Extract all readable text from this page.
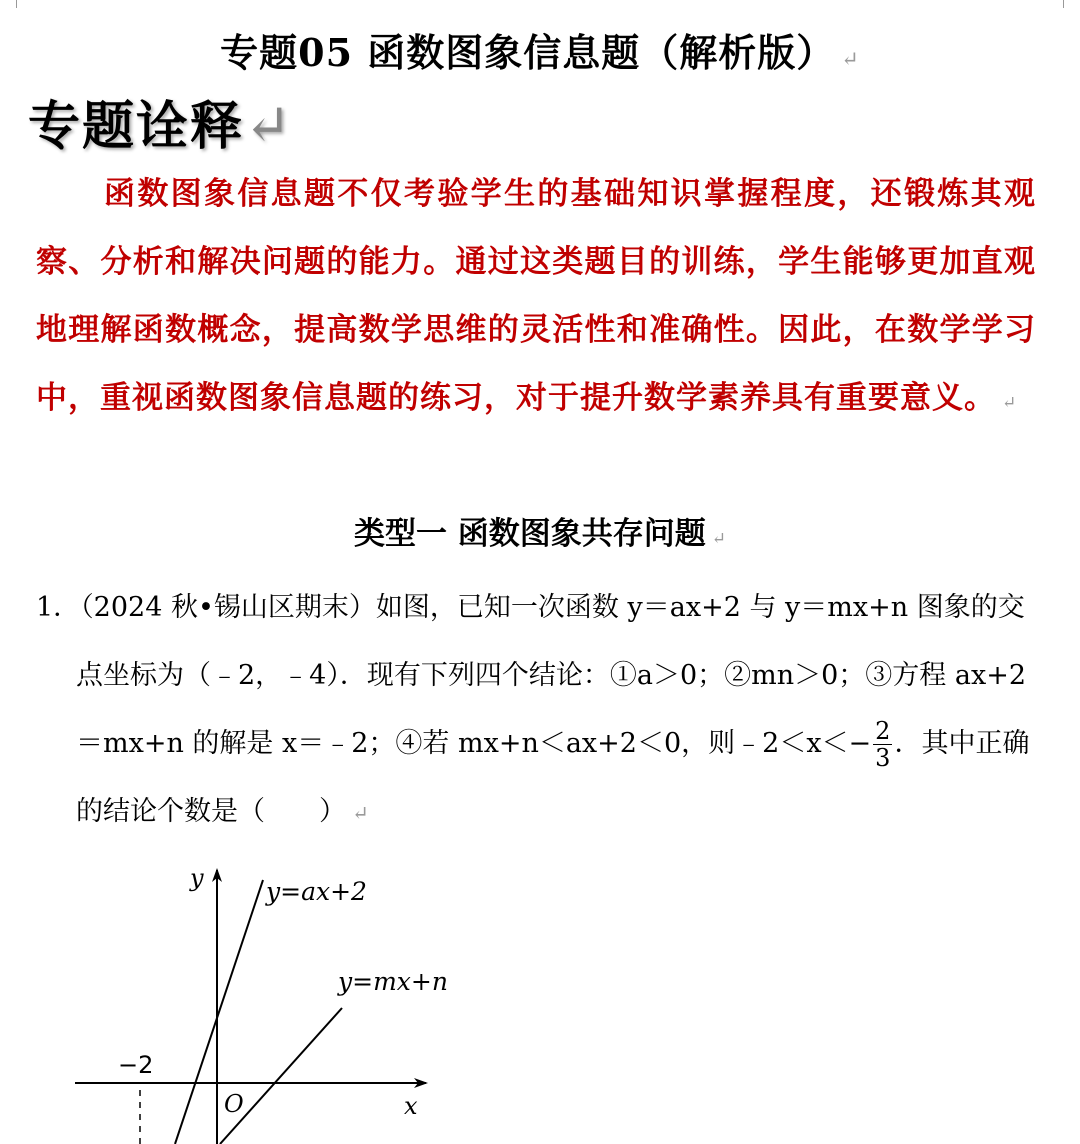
专题05 函数图象信息题（解析版） ↵
专题诠释↵
函数图象信息题不仅考验学生的基础知识掌握程度，还锻炼其观察、分析和解决问题的能力。通过这类题目的训练，学生能够更加直观地理解函数概念，提高数学思维的灵活性和准确性。因此，在数学学习中，重视函数图象信息题的练习，对于提升数学素养具有重要意义。 ↵
类型一 函数图象共存问题 ↵
1．（2024 秋•锡山区期末）如图，已知一次函数 y＝ax+2 与 y＝mx+n 图象的交
点坐标为（﹣2，﹣4）．现有下列四个结论：①a＞0；②mn＞0；③方程 ax+2
＝mx+n 的解是 x＝﹣2；④若 mx+n＜ax+2＜0，则﹣2＜x＜− $\frac{2}{3}$ ．其中正确
的结论个数是（　　） ↵
y
x
O
−2
y=ax+2
y=mx+n
